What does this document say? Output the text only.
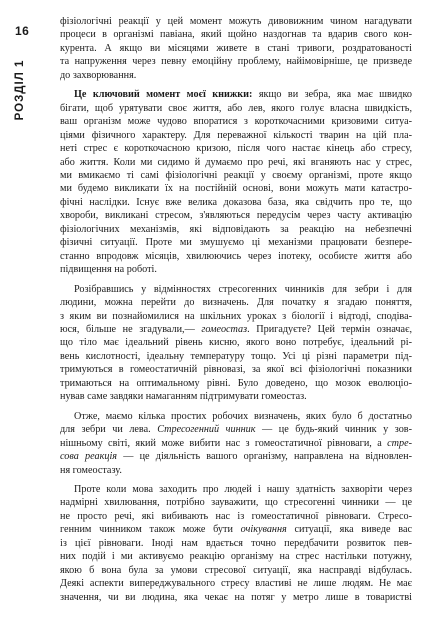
16
РОЗДІЛ 1
фізіологічні реакції у цей момент можуть дивовижним чином нагадувати
процеси в організмі павіана, який щойно наздогнав та вдарив свого кон-
курента. А якщо ви місяцями живете в стані тривоги, роздратованості
та напруження через певну емоційну проблему, найімовірніше, це призведе
до захворювання.
Це ключовий момент моєї книжки: якщо ви зебра, яка має швидко
бігати, щоб урятувати своє життя, або лев, якого голує власна швидкість,
ваш організм може чудово впоратися з короткочасними кризовими ситуа-
ціями фізичного характеру. Для переважної кількості тварин на цій пла-
неті стрес є короткочасною кризою, після чого настає кінець або стресу,
або життя. Коли ми сидимо й думаємо про речі, які вганяють нас у стрес,
ми вмикаємо ті самі фізіологічні реакції у своєму організмі, проте якщо
ми будемо викликати їх на постійній основі, вони можуть мати катастро-
фічні наслідки. Існує вже велика доказова база, яка свідчить про те, що
хвороби, викликані стресом, з'являються передусім через часту активацію
фізіологічних механізмів, які відповідають за реакцію на небезпечні
фізичні ситуації. Проте ми змушуємо ці механізми працювати безпере-
станно впродовж місяців, хвилюючись через іпотеку, особисте життя або
підвищення на роботі.
Розібравшись у відмінностях стресогенних чинників для зебри і для
людини, можна перейти до визначень. Для початку я згадаю поняття,
з яким ви познайомилися на шкільних уроках з біології і відтоді, сподіва-
юся, більше не згадували,— гомеостаз. Пригадуєте? Цей термін означає,
що тіло має ідеальний рівень кисню, якого воно потребує, ідеальний рі-
вень кислотності, ідеальну температуру тощо. Усі ці різні параметри під-
тримуються в гомеостатичній рівновазі, за якої всі фізіологічні показники
тримаються на оптимальному рівні. Було доведено, що мозок еволюціо-
нував саме завдяки намаганням підтримувати гомеостаз.
Отже, маємо кілька простих робочих визначень, яких було б достатньо
для зебри чи лева. Стресогенний чинник — це будь-який чинник у зов-
нішньому світі, який може вибити нас з гомеостатичної рівноваги, а стре-
сова реакція — це діяльність вашого організму, направлена на відновлен-
ня гомеостазу.
Проте коли мова заходить про людей і нашу здатність захворіти через
надмірні хвилювання, потрібно зауважити, що стресогенні чинники — це
не просто речі, які вибивають нас із гомеостатичної рівноваги. Стресо-
генним чинником також може бути очікування ситуації, яка виведе вас
із цієї рівноваги. Іноді нам вдається точно передбачити розвиток пев-
них подій і ми активуємо реакцію організму на стрес настільки потужну,
якою б вона була за умови стресової ситуації, яка насправді відбулась.
Деякі аспекти випереджувального стресу властиві не лише людям. Не має
значення, чи ви людина, яка чекає на потяг у метро лише в товаристві
